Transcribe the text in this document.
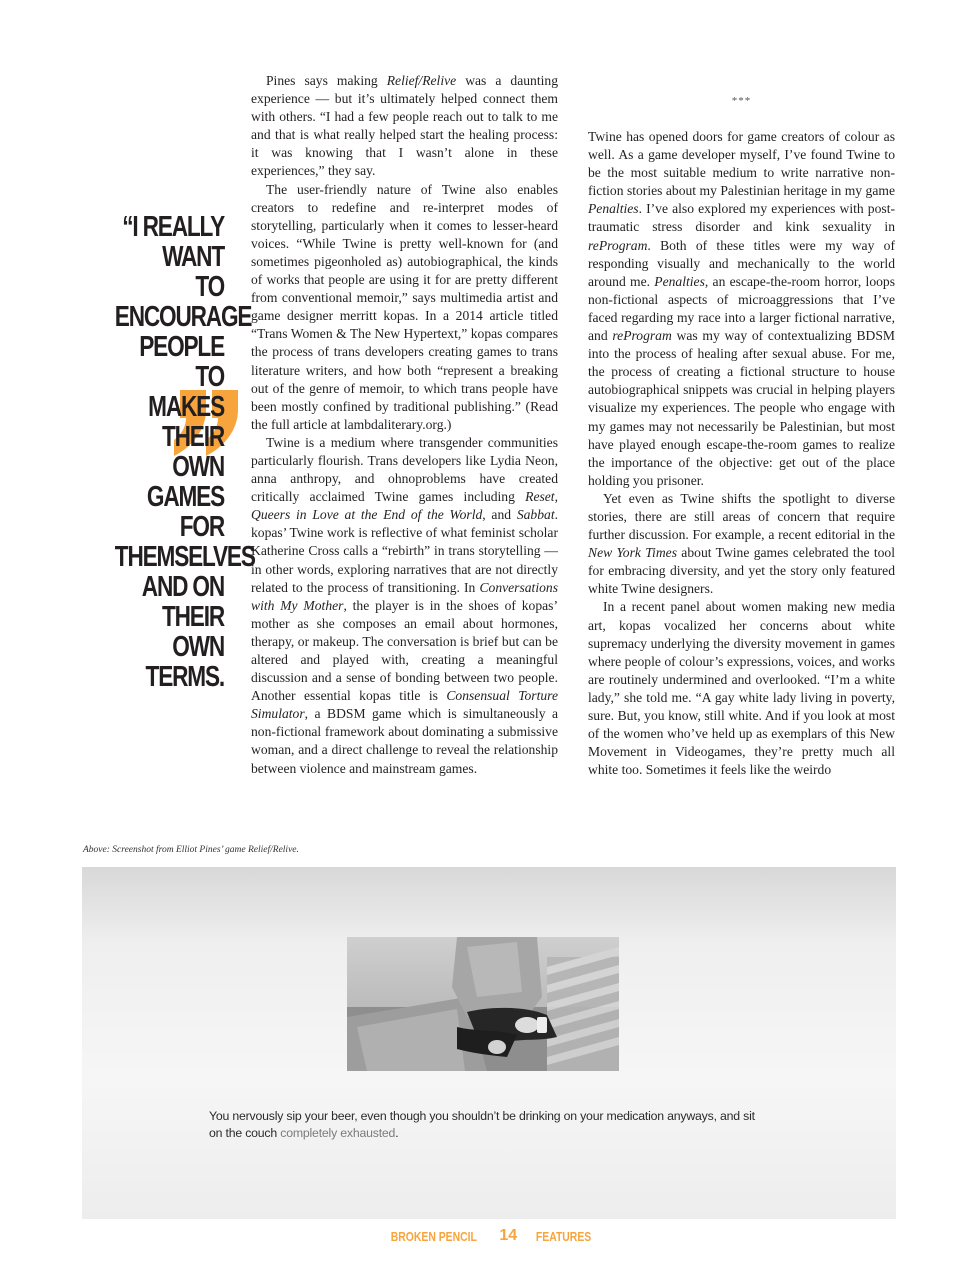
“I REALLY WANT
TO ENCOURAGE
PEOPLE TO
MAKES THEIR
OWN GAMES FOR
THEMSELVES
AND ON THEIR
OWN TERMS.

Pines says making Relief/Relive was a daunting experience — but it’s ultimately helped connect them with others. “I had a few people reach out to talk to me and that is what really helped start the healing process: it was knowing that I wasn’t alone in these experiences,” they say.

The user-friendly nature of Twine also enables creators to redefine and re-interpret modes of storytelling, particularly when it comes to lesser-heard voices. “While Twine is pretty well-known for (and sometimes pigeonholed as) autobiographical, the kinds of works that people are using it for are pretty different from conventional memoir,” says multimedia artist and game designer merritt kopas. In a 2014 article titled “Trans Women & The New Hypertext,” kopas compares the process of trans developers creating games to trans literature writers, and how both “represent a breaking out of the genre of memoir, to which trans people have been mostly confined by traditional publishing.” (Read the full article at lambdaliterary.org.)

Twine is a medium where transgender communities particularly flourish. Trans developers like Lydia Neon, anna anthropy, and ohnoproblems have created critically acclaimed Twine games including Reset, Queers in Love at the End of the World, and Sabbat. kopas’ Twine work is reflective of what feminist scholar Katherine Cross calls a “rebirth” in trans storytelling — in other words, exploring narratives that are not directly related to the process of transitioning. In Conversations with My Mother, the player is in the shoes of kopas’ mother as she composes an email about hormones, therapy, or makeup. The conversation is brief but can be altered and played with, creating a meaningful discussion and a sense of bonding between two people. Another essential kopas title is Consensual Torture Simulator, a BDSM game which is simultaneously a non-fictional framework about dominating a submissive woman, and a direct challenge to reveal the relationship between violence and mainstream games.

***

Twine has opened doors for game creators of colour as well. As a game developer myself, I’ve found Twine to be the most suitable medium to write narrative non-fiction stories about my Palestinian heritage in my game Penalties. I’ve also explored my experiences with post-traumatic stress disorder and kink sexuality in reProgram. Both of these titles were my way of responding visually and mechanically to the world around me. Penalties, an escape-the-room horror, loops non-fictional aspects of microaggressions that I’ve faced regarding my race into a larger fictional narrative, and reProgram was my way of contextualizing BDSM into the process of healing after sexual abuse. For me, the process of creating a fictional structure to house autobiographical snippets was crucial in helping players visualize my experiences. The people who engage with my games may not necessarily be Palestinian, but most have played enough escape-the-room games to realize the importance of the objective: get out of the place holding you prisoner.

Yet even as Twine shifts the spotlight to diverse stories, there are still areas of concern that require further discussion. For example, a recent editorial in the New York Times about Twine games celebrated the tool for embracing diversity, and yet the story only featured white Twine designers.

In a recent panel about women making new media art, kopas vocalized her concerns about white supremacy underlying the diversity movement in games where people of colour’s expressions, voices, and works are routinely undermined and overlooked. “I’m a white lady,” she told me. “A gay white lady living in poverty, sure. But, you know, still white. And if you look at most of the women who’ve held up as exemplars of this New Movement in Videogames, they’re pretty much all white too. Sometimes it feels like the weirdo

Above: Screenshot from Elliot Pines’ game Relief/Relive.
You nervously sip your beer, even though you shouldn’t be drinking on your medication anyways, and sit on the couch completely exhausted.
BROKEN PENCIL 14 FEATURES
